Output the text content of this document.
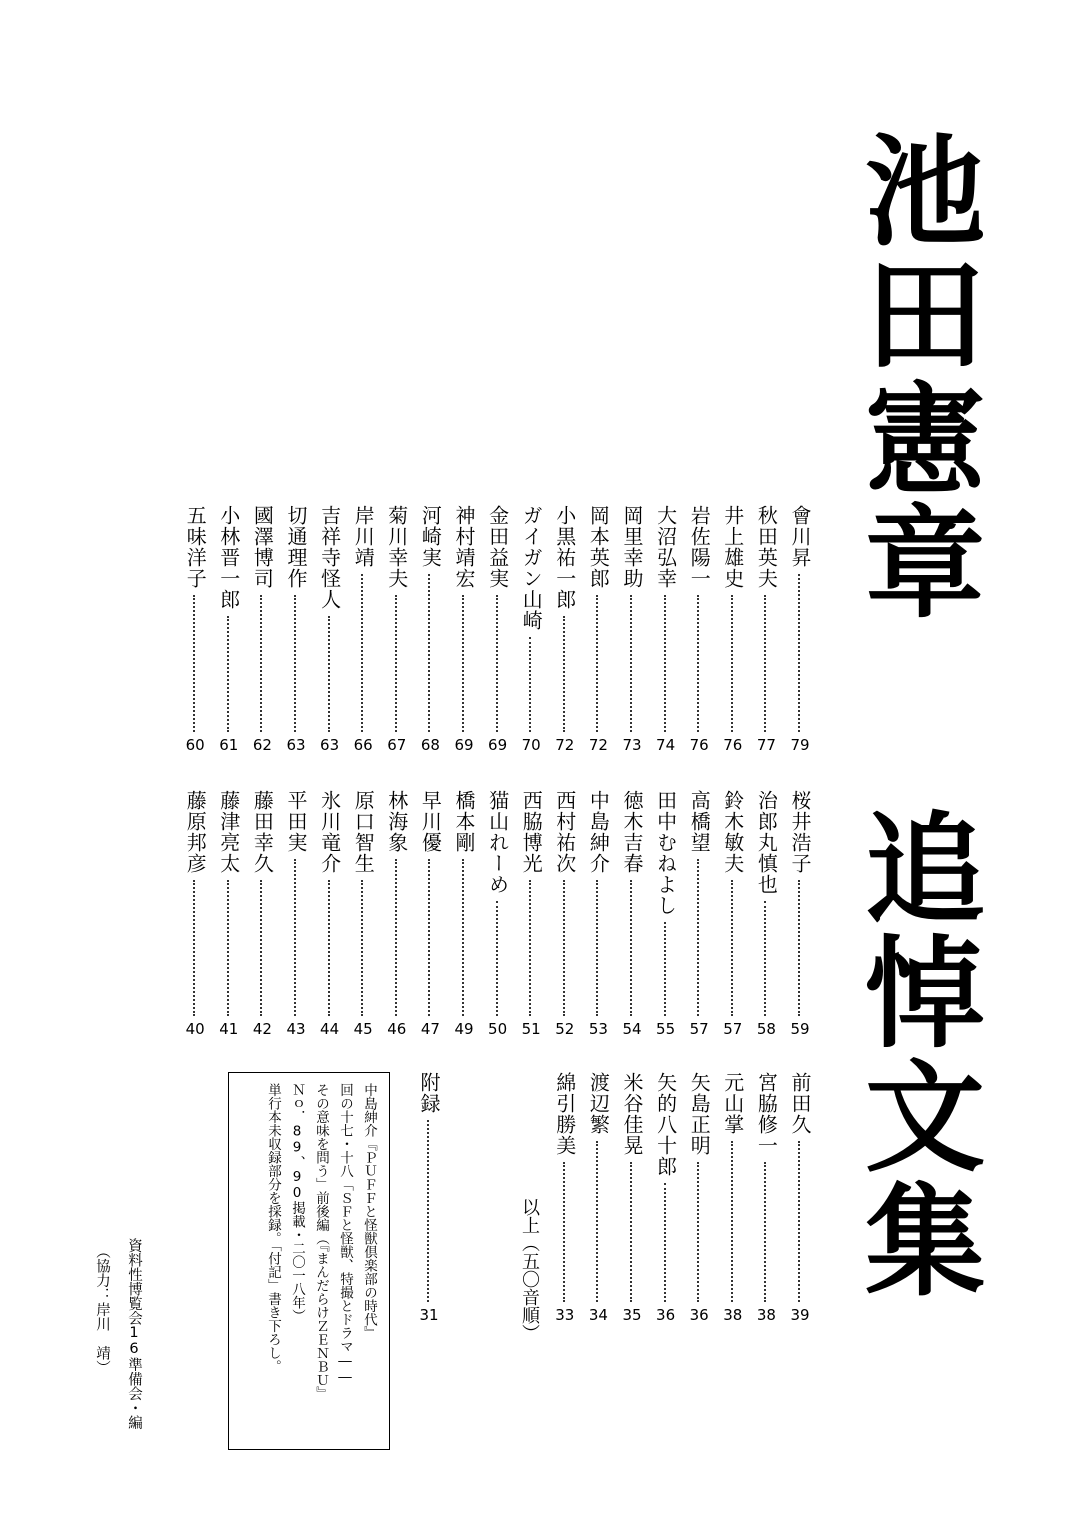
池田憲章
追悼文集
會川昇
79
秋田英夫
77
井上雄史
76
岩佐陽一
76
大沼弘幸
74
岡里幸助
73
岡本英郎
72
小黒祐一郎
72
ガイガン山崎
70
金田益実
69
神村靖宏
69
河崎実
68
菊川幸夫
67
岸川靖
66
吉祥寺怪人
63
切通理作
63
國澤博司
62
小林晋一郎
61
五味洋子
60
桜井浩子
59
治郎丸慎也
58
鈴木敏夫
57
高橋望
57
田中むねよし
55
徳木吉春
54
中島紳介
53
西村祐次
52
西脇博光
51
猫山れーめ
50
橋本剛
49
早川優
47
林海象
46
原口智生
45
氷川竜介
44
平田実
43
藤田幸久
42
藤津亮太
41
藤原邦彦
40
前田久
39
宮脇修一
38
元山掌
38
矢島正明
36
矢的八十郎
36
米谷佳晃
35
渡辺繁
34
綿引勝美
33
附録
31	以上（五〇音順）
中島紳介『ＰＵＦＦと怪獣倶楽部の時代』
回の十七・十八「ＳＦと怪獣、特撮とドラマ――
その意味を問う」前後編（『まんだらけＺＥＮＢＵ』
Ｎｏ．89、90掲載・二〇一八年）
単行本未収録部分を採録。「付記」書き下ろし。
資料性博覧会16準備会・編
（協力：岸川　靖）
